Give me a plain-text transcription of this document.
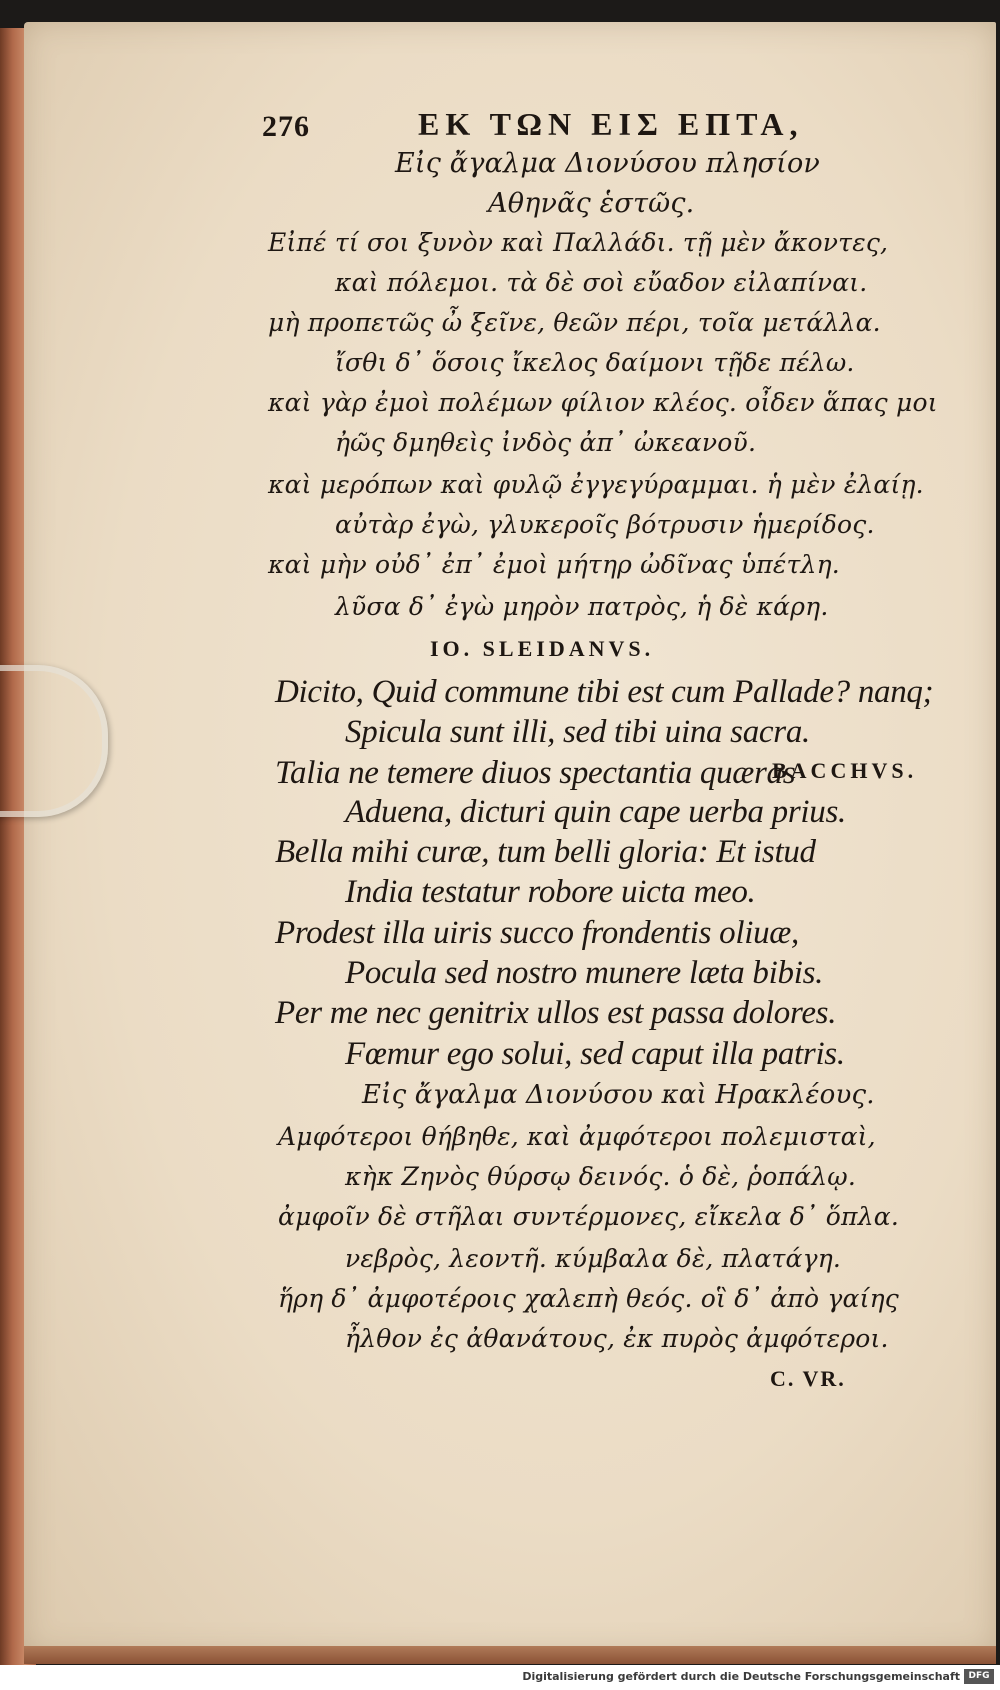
276	ΕΚ ΤΩΝ ΕΙΣ ΕΠΤΑ,
Εἰς ἄγαλμα Διονύσου πλησίον
Αθηνᾶς ἑστῶς.
Εἰπέ τί σοι ξυνὸν καὶ Παλλάδι. τῇ μὲν ἄκοντες,
καὶ πόλεμοι. τὰ δὲ σοὶ εὔαδον εἰλαπίναι.
μὴ προπετῶς ὦ ξεῖνε, θεῶν πέρι, τοῖα μετάλλα.
ἴσθι δ᾽ ὅσοις ἴκελος δαίμονι τῇδε πέλω.
καὶ γὰρ ἐμοὶ πολέμων φίλιον κλέος. οἶδεν ἅπας μοι
ἠῶς δμηθεὶς ἰνδὸς ἀπ᾽ ὠκεανοῦ.
καὶ μερόπων καὶ φυλῷ ἐγγεγύραμμαι. ἡ μὲν ἐλαίῃ.
αὐτὰρ ἐγὼ, γλυκεροῖς βότρυσιν ἡμερίδος.
καὶ μὴν οὐδ᾽ ἐπ᾽ ἐμοὶ μήτηρ ὠδῖνας ὑπέτλη.
λῦσα δ᾽ ἐγὼ μηρὸν πατρὸς, ἡ δὲ κάρη.
IO. SLEIDANVS.
Dicito, Quid commune tibi est cum Pallade? nanq;
Spicula sunt illi, sed tibi uina sacra.
Talia ne temere diuos spectantia quæras
BACCHVS.
Aduena, dicturi quin cape uerba prius.
Bella mihi curæ, tum belli gloria: Et istud
India testatur robore uicta meo.
Prodest illa uiris succo frondentis oliuæ,
Pocula sed nostro munere læta bibis.
Per me nec genitrix ullos est passa dolores.
Fœmur ego solui, sed caput illa patris.
Εἰς ἄγαλμα Διονύσου καὶ Ηρακλέους.
Αμφότεροι θήβηθε, καὶ ἀμφότεροι πολεμισταὶ,
κὴκ Ζηνὸς θύρσῳ δεινός. ὁ δὲ, ῥοπάλῳ.
ἀμφοῖν δὲ στῆλαι συντέρμονες, εἴκελα δ᾽ ὅπλα.
νεβρὸς, λεοντῆ. κύμβαλα δὲ, πλατάγη.
ἥρη δ᾽ ἀμφοτέροις χαλεπὴ θεός. οἳ δ᾽ ἀπὸ γαίης
ἦλθον ἐς ἀθανάτους, ἐκ πυρὸς ἀμφότεροι.
C. VR.
Digitalisierung gefördert durch die Deutsche Forschungsgemeinschaft DFG
